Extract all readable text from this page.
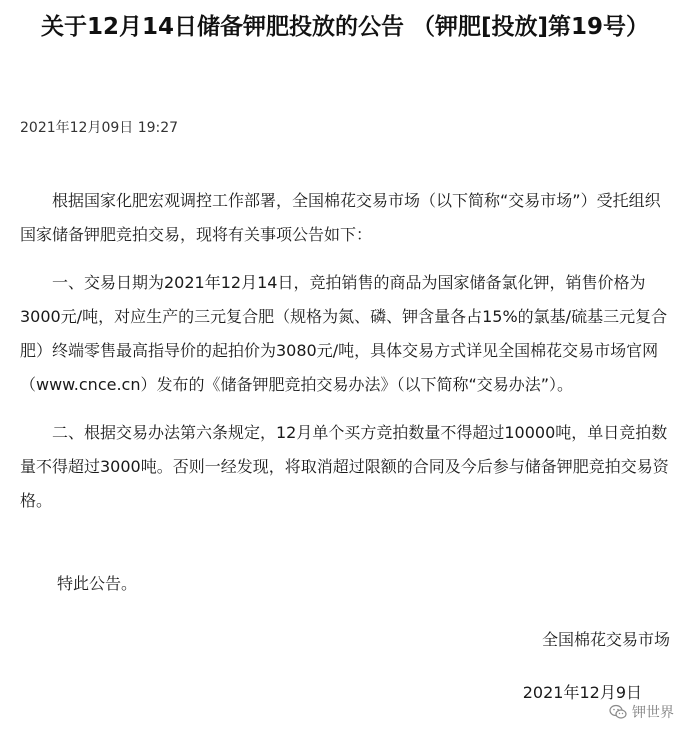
关于12月14日储备钾肥投放的公告 （钾肥[投放]第19号）
2021年12月09日 19:27

根据国家化肥宏观调控工作部署，全国棉花交易市场（以下简称“交易市场”）受托组织国家储备钾肥竞拍交易，现将有关事项公告如下：

一、交易日期为2021年12月14日，竞拍销售的商品为国家储备氯化钾，销售价格为3000元/吨，对应生产的三元复合肥（规格为氮、磷、钾含量各占15%的氯基/硫基三元复合肥）终端零售最高指导价的起拍价为3080元/吨，具体交易方式详见全国棉花交易市场官网（www.cnce.cn）发布的《储备钾肥竞拍交易办法》（以下简称“交易办法”）。

二、根据交易办法第六条规定，12月单个买方竞拍数量不得超过10000吨，单日竞拍数量不得超过3000吨。否则一经发现，将取消超过限额的合同及今后参与储备钾肥竞拍交易资格。

特此公告。
全国棉花交易市场
2021年12月9日
钾世界
